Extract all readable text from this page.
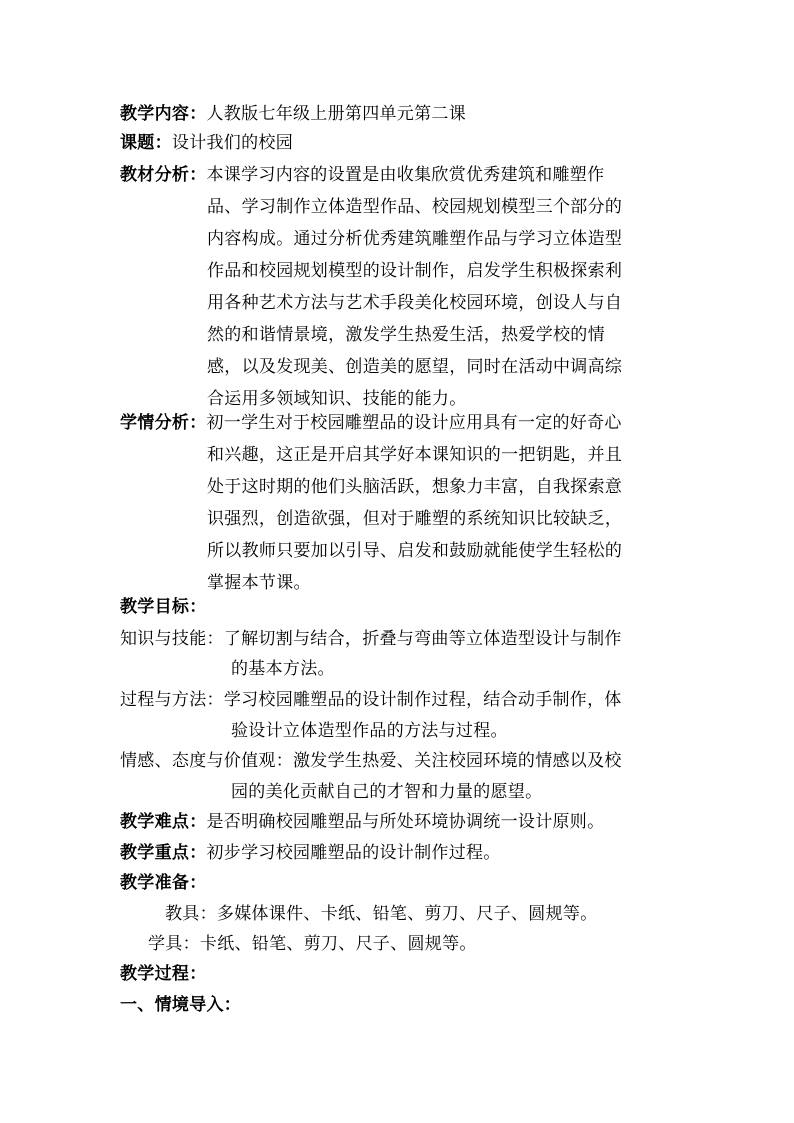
教学内容：人教版七年级上册第四单元第二课
课题：设计我们的校园
教材分析：本课学习内容的设置是由收集欣赏优秀建筑和雕塑作
品、学习制作立体造型作品、校园规划模型三个部分的
内容构成。通过分析优秀建筑雕塑作品与学习立体造型
作品和校园规划模型的设计制作，启发学生积极探索利
用各种艺术方法与艺术手段美化校园环境，创设人与自
然的和谐情景境，激发学生热爱生活，热爱学校的情
感，以及发现美、创造美的愿望，同时在活动中调高综
合运用多领域知识、技能的能力。
学情分析：初一学生对于校园雕塑品的设计应用具有一定的好奇心
和兴趣，这正是开启其学好本课知识的一把钥匙，并且
处于这时期的他们头脑活跃，想象力丰富，自我探索意
识强烈，创造欲强，但对于雕塑的系统知识比较缺乏，
所以教师只要加以引导、启发和鼓励就能使学生轻松的
掌握本节课。
教学目标：
知识与技能：了解切割与结合，折叠与弯曲等立体造型设计与制作
的基本方法。
过程与方法：学习校园雕塑品的设计制作过程，结合动手制作，体
验设计立体造型作品的方法与过程。
情感、态度与价值观：激发学生热爱、关注校园环境的情感以及校
园的美化贡献自己的才智和力量的愿望。
教学难点：是否明确校园雕塑品与所处环境协调统一设计原则。
教学重点：初步学习校园雕塑品的设计制作过程。
教学准备：
教具：多媒体课件、卡纸、铅笔、剪刀、尺子、圆规等。
学具：卡纸、铅笔、剪刀、尺子、圆规等。
教学过程：
一、情境导入：
